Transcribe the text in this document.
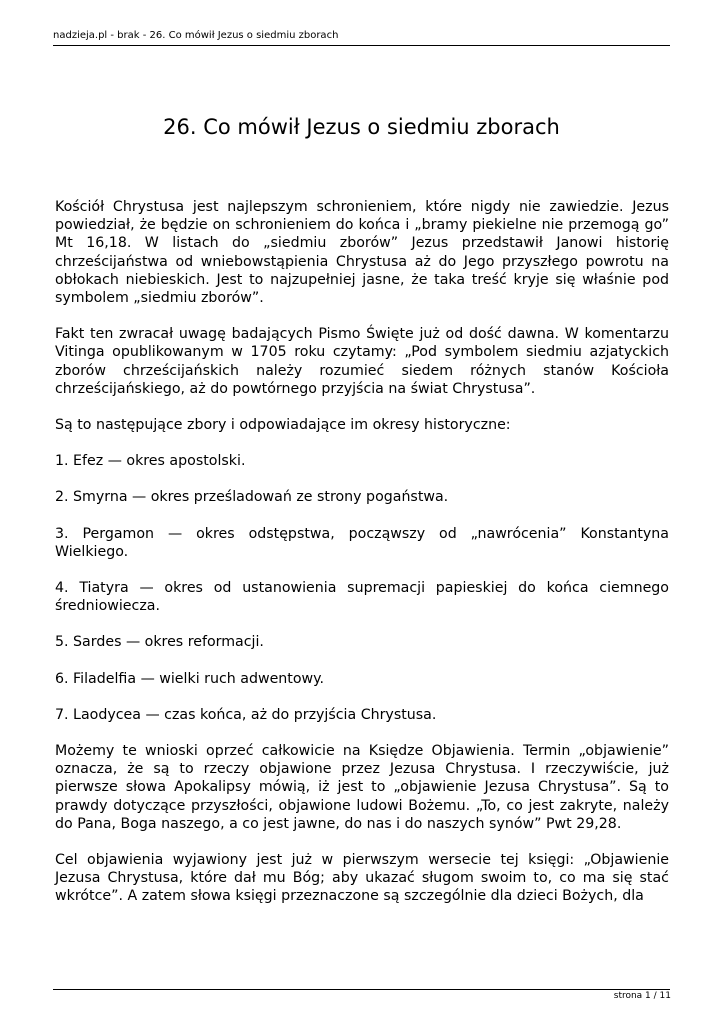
nadzieja.pl - brak - 26. Co mówił Jezus o siedmiu zborach
26. Co mówił Jezus o siedmiu zborach

Kościół Chrystusa jest najlepszym schronieniem, które nigdy nie zawiedzie. Jezus powiedział, że będzie on schronieniem do końca i „bramy piekielne nie przemogą go” Mt 16,18. W listach do „siedmiu zborów” Jezus przedstawił Janowi historię chrześcijaństwa od wniebowstąpienia Chrystusa aż do Jego przyszłego powrotu na obłokach niebieskich. Jest to najzupełniej jasne, że taka treść kryje się właśnie pod symbolem „siedmiu zborów”.

Fakt ten zwracał uwagę badających Pismo Święte już od dość dawna. W komentarzu Vitinga opublikowanym w 1705 roku czytamy: „Pod symbolem siedmiu azjatyckich zborów chrześcijańskich należy rozumieć siedem różnych stanów Kościoła chrześcijańskiego, aż do powtórnego przyjścia na świat Chrystusa”.

Są to następujące zbory i odpowiadające im okresy historyczne:

1. Efez — okres apostolski.

2. Smyrna — okres prześladowań ze strony pogaństwa.

3. Pergamon — okres odstępstwa, począwszy od „nawrócenia” Konstantyna Wielkiego.

4. Tiatyra — okres od ustanowienia supremacji papieskiej do końca ciemnego średniowiecza.

5. Sardes — okres reformacji.

6. Filadelfia — wielki ruch adwentowy.

7. Laodycea — czas końca, aż do przyjścia Chrystusa.

Możemy te wnioski oprzeć całkowicie na Księdze Objawienia. Termin „objawienie” oznacza, że są to rzeczy objawione przez Jezusa Chrystusa. I rzeczywiście, już pierwsze słowa Apokalipsy mówią, iż jest to „objawienie Jezusa Chrystusa”. Są to prawdy dotyczące przyszłości, objawione ludowi Bożemu. „To, co jest zakryte, należy do Pana, Boga naszego, a co jest jawne, do nas i do naszych synów” Pwt 29,28.

Cel objawienia wyjawiony jest już w pierwszym wersecie tej księgi: „Objawienie Jezusa Chrystusa, które dał mu Bóg; aby ukazać sługom swoim to, co ma się stać wkrótce”. A zatem słowa księgi przeznaczone są szczególnie dla dzieci Bożych, dla

strona 1 / 11
